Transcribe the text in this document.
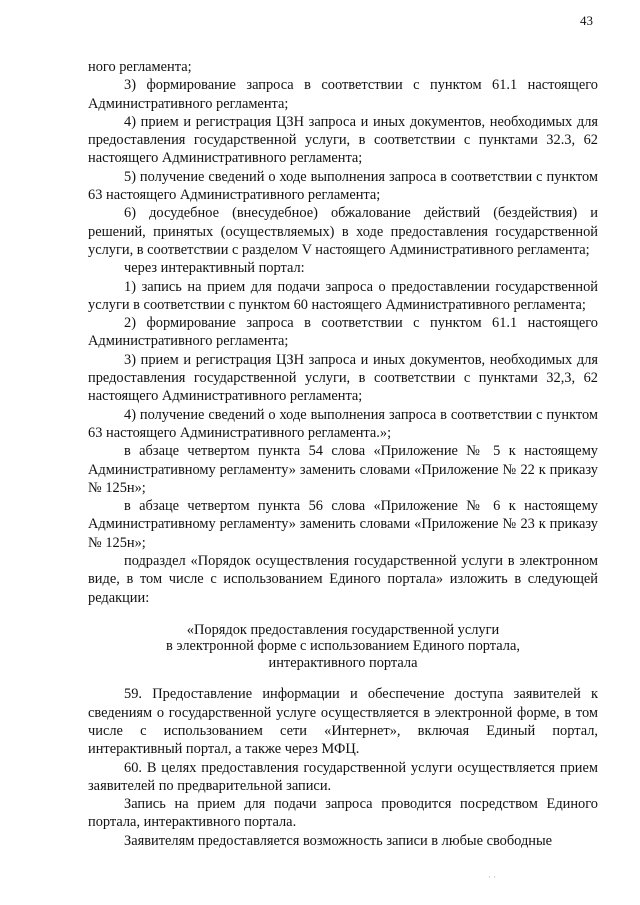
43

ного регламента;

3) формирование запроса в соответствии с пунктом 61.1 настоящего Административного регламента;

4) прием и регистрация ЦЗН запроса и иных документов, необходимых для предоставления государственной услуги, в соответствии с пунктами 32.3, 62 настоящего Административного регламента;

5) получение сведений о ходе выполнения запроса в соответствии с пунктом 63 настоящего Административного регламента;

6) досудебное (внесудебное) обжалование действий (бездействия) и решений, принятых (осуществляемых) в ходе предоставления государственной услуги, в соответствии с разделом V настоящего Административного регламента;

через интерактивный портал:

1) запись на прием для подачи запроса о предоставлении государственной услуги в соответствии с пунктом 60 настоящего Административного регламента;

2) формирование запроса в соответствии с пунктом 61.1 настоящего Административного регламента;

3) прием и регистрация ЦЗН запроса и иных документов, необходимых для предоставления государственной услуги, в соответствии с пунктами 32,3, 62 настоящего Административного регламента;

4) получение сведений о ходе выполнения запроса в соответствии с пунктом 63 настоящего Административного регламента.»;

в абзаце четвертом пункта 54 слова «Приложение № 5 к настоящему Административному регламенту» заменить словами «Приложение № 22 к приказу № 125н»;

в абзаце четвертом пункта 56 слова «Приложение № 6 к настоящему Административному регламенту» заменить словами «Приложение № 23 к приказу № 125н»;

подраздел «Порядок осуществления государственной услуги в электронном виде, в том числе с использованием Единого портала» изложить в следующей редакции:

«Порядок предоставления государственной услуги
в электронной форме с использованием Единого портала,
интерактивного портала

59. Предоставление информации и обеспечение доступа заявителей к сведениям о государственной услуге осуществляется в электронной форме, в том числе с использованием сети «Интернет», включая Единый портал, интерактивный портал, а также через МФЦ.

60. В целях предоставления государственной услуги осуществляется прием заявителей по предварительной записи.

Запись на прием для подачи запроса проводится посредством Единого портала, интерактивного портала.

Заявителям предоставляется возможность записи в любые свободные

· ·
